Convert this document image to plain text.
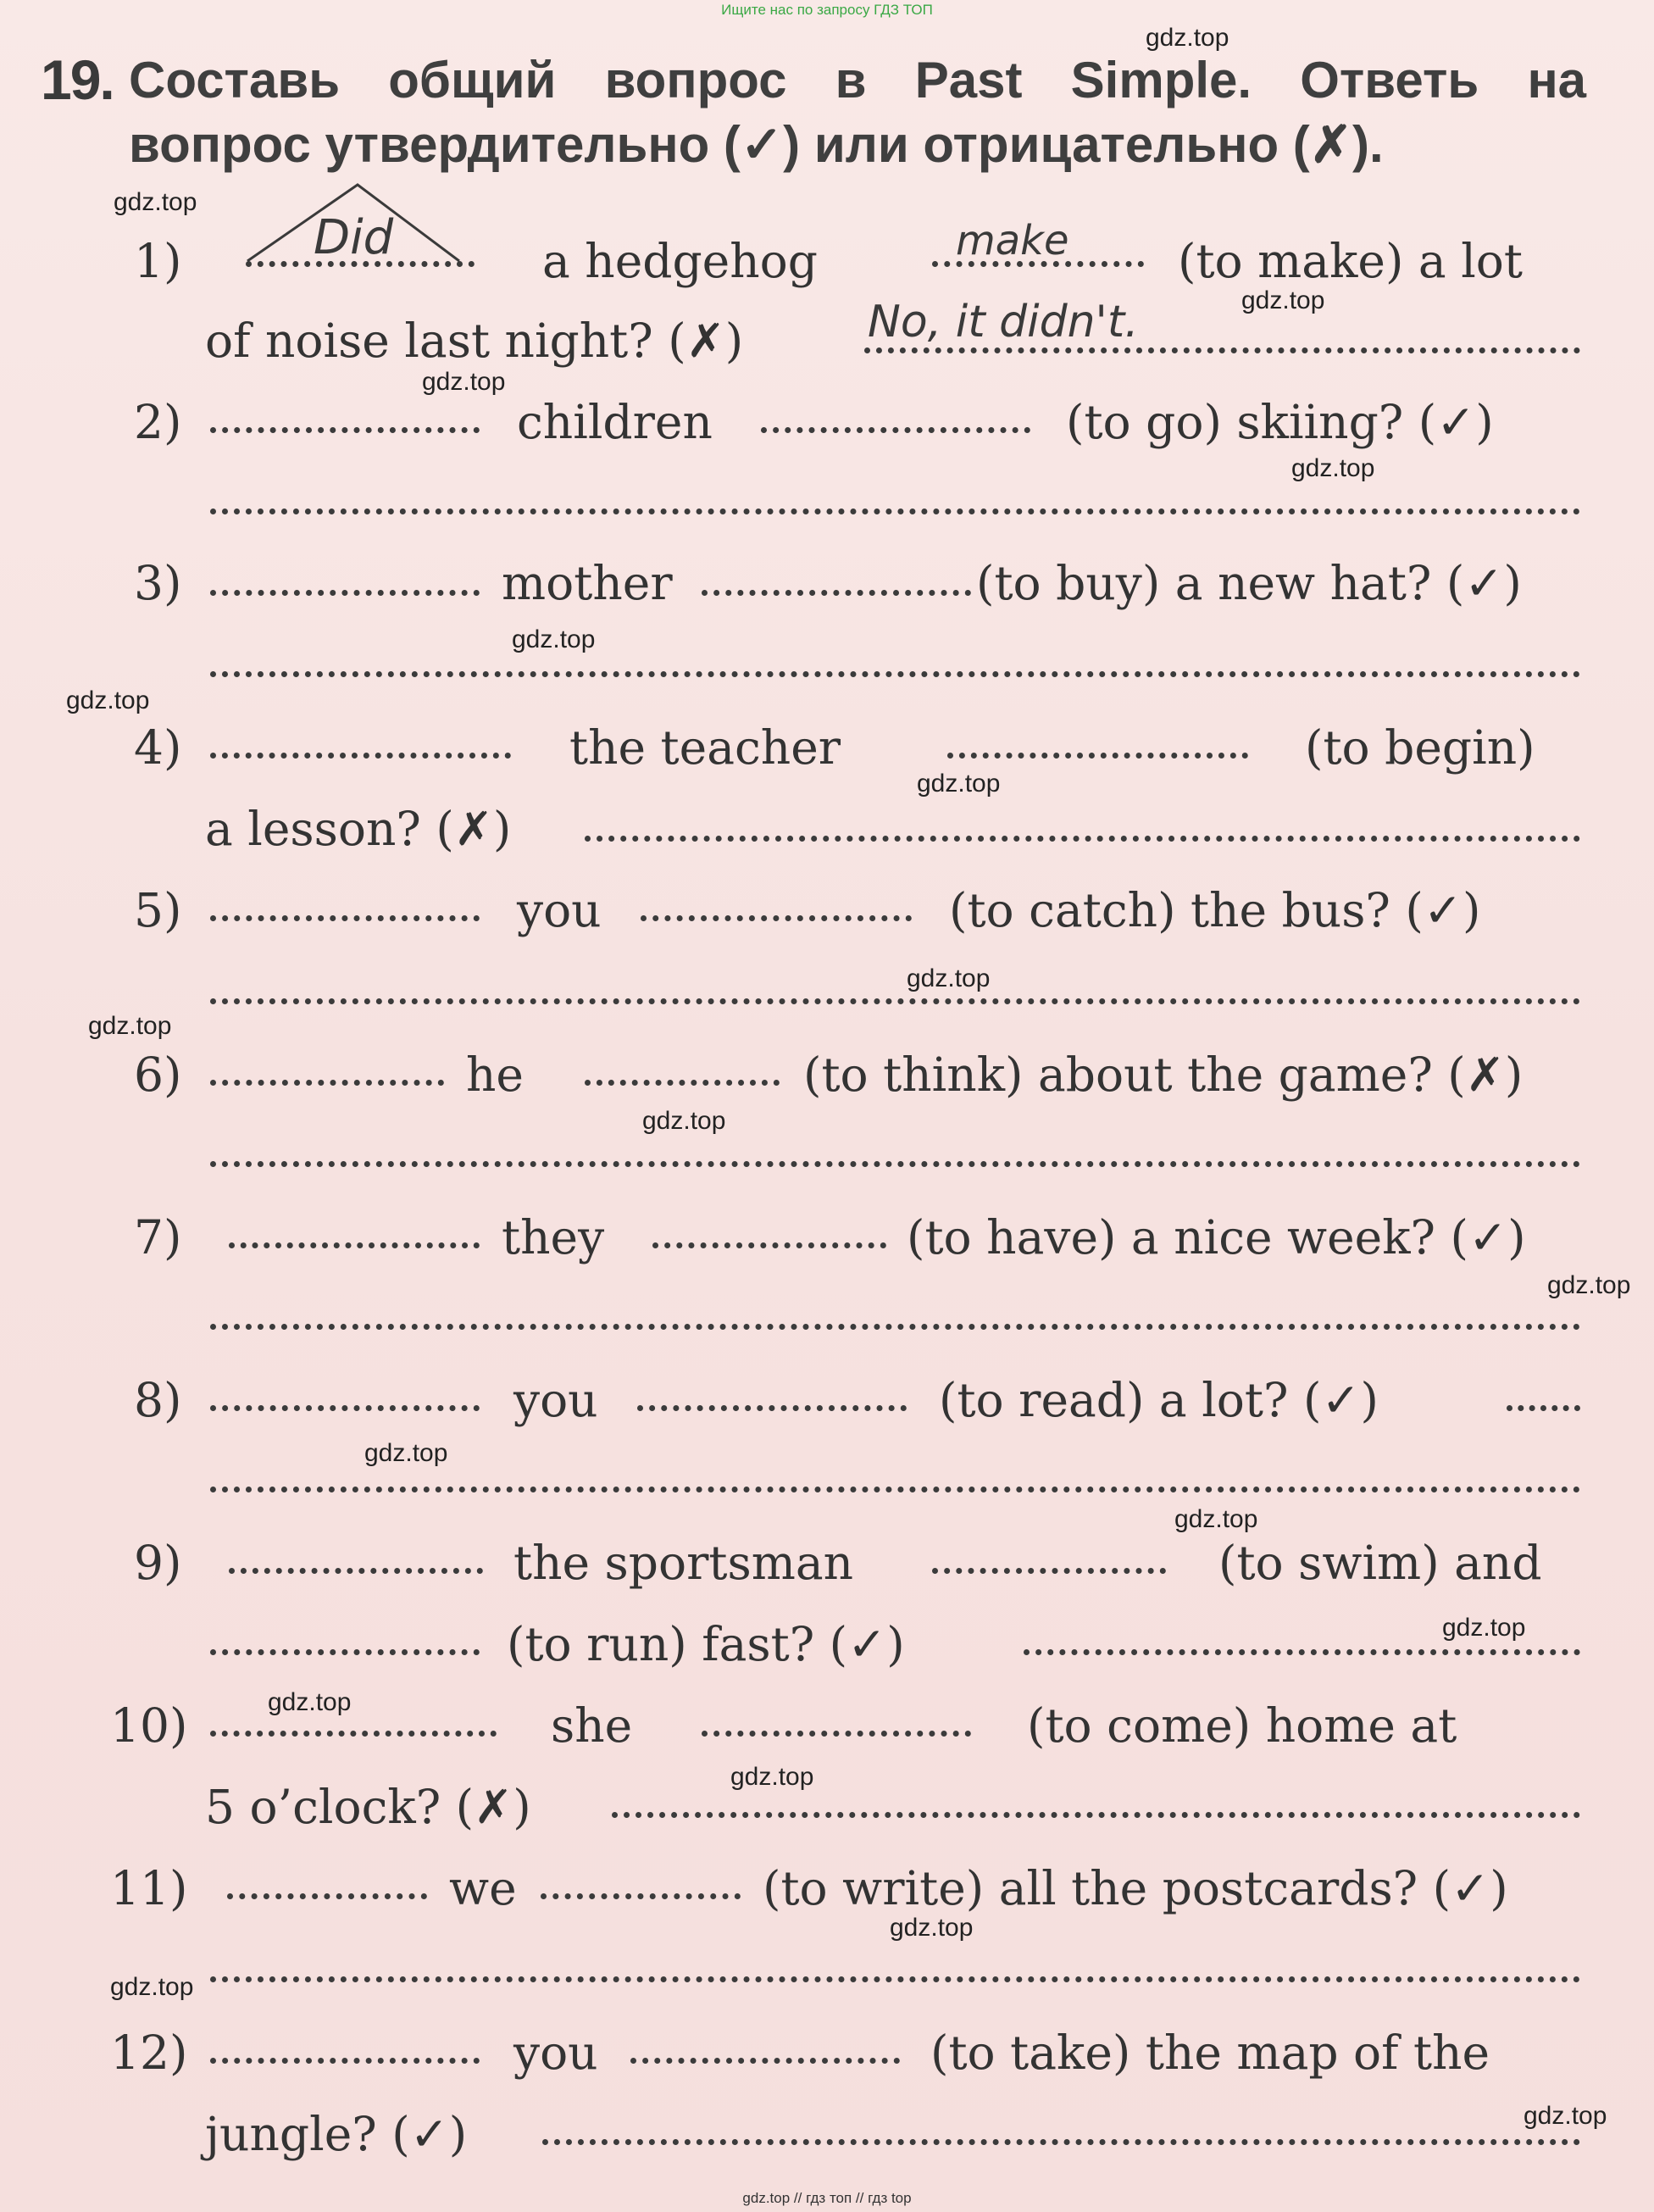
Ищите нас по запросу ГДЗ ТОП
19. Составь общий вопрос в Past Simple. Ответь на
вопрос утвердительно (✓) или отрицательно (✗).
Did	make
No, it didn't.
1)	a hedgehog	(to make) a lot
of noise last night? (✗)
2)	children	(to go) skiing? (✓)
3)	mother	(to buy) a new hat? (✓)
4)	the teacher	(to begin)
a lesson? (✗)
5)	you	(to catch) the bus? (✓)
6)	he	(to think) about the game? (✗)
7)	they	(to have) a nice week? (✓)
8)	you	(to read) a lot? (✓)
9)	the sportsman	(to swim) and
(to run) fast? (✓)
10)	she	(to come) home at
5 o’clock? (✗)
11)	we	(to write) all the postcards? (✓)
12)	you	(to take) the map of the
jungle? (✓)
gdz.top
gdz.top
gdz.top
gdz.top
gdz.top
gdz.top
gdz.top
gdz.top
gdz.top
gdz.top
gdz.top
gdz.top
gdz.top
gdz.top
gdz.top
gdz.top
gdz.top
gdz.top
gdz.top
gdz.top
gdz.top // гдз топ // гдз top
